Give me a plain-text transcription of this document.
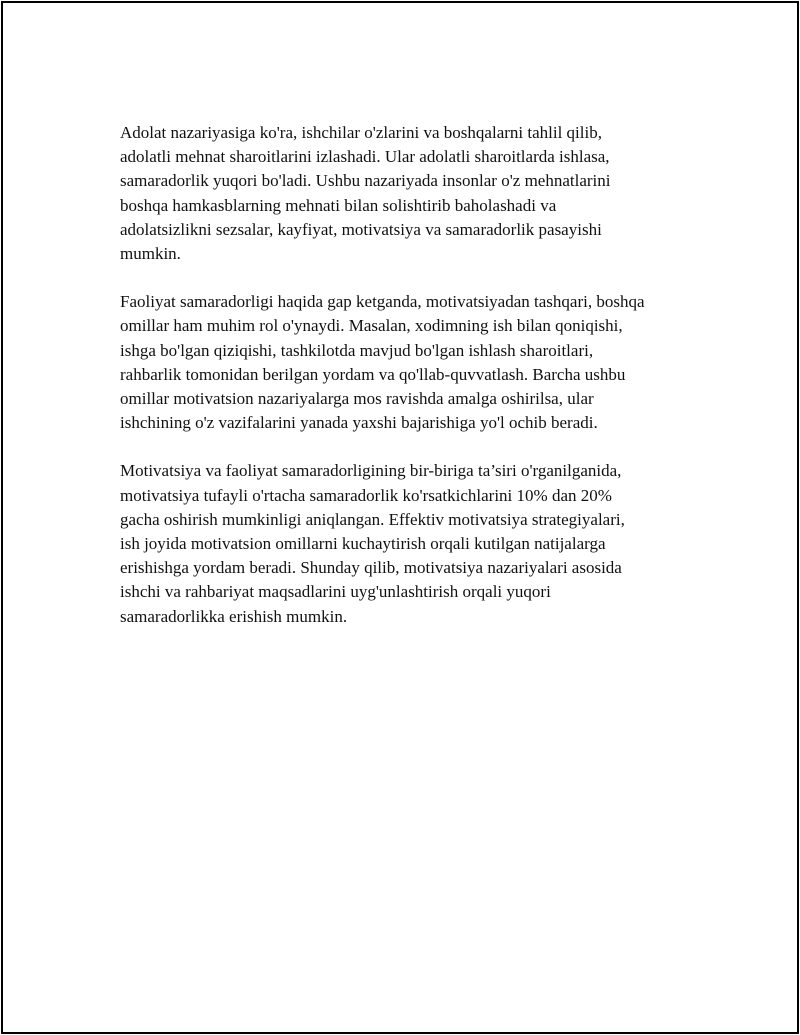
Adolat nazariyasiga ko'ra, ishchilar o'zlarini va boshqalarni tahlil qilib,
adolatli mehnat sharoitlarini izlashadi. Ular adolatli sharoitlarda ishlasa,
samaradorlik yuqori bo'ladi. Ushbu nazariyada insonlar o'z mehnatlarini
boshqa hamkasblarning mehnati bilan solishtirib baholashadi va
adolatsizlikni sezsalar, kayfiyat, motivatsiya va samaradorlik pasayishi
mumkin.

Faoliyat samaradorligi haqida gap ketganda, motivatsiyadan tashqari, boshqa
omillar ham muhim rol o'ynaydi. Masalan, xodimning ish bilan qoniqishi,
ishga bo'lgan qiziqishi, tashkilotda mavjud bo'lgan ishlash sharoitlari,
rahbarlik tomonidan berilgan yordam va qo'llab-quvvatlash. Barcha ushbu
omillar motivatsion nazariyalarga mos ravishda amalga oshirilsa, ular
ishchining o'z vazifalarini yanada yaxshi bajarishiga yo'l ochib beradi.

Motivatsiya va faoliyat samaradorligining bir-biriga ta’siri o'rganilganida,
motivatsiya tufayli o'rtacha samaradorlik ko'rsatkichlarini 10% dan 20%
gacha oshirish mumkinligi aniqlangan. Effektiv motivatsiya strategiyalari,
ish joyida motivatsion omillarni kuchaytirish orqali kutilgan natijalarga
erishishga yordam beradi. Shunday qilib, motivatsiya nazariyalari asosida
ishchi va rahbariyat maqsadlarini uyg'unlashtirish orqali yuqori
samaradorlikka erishish mumkin.
